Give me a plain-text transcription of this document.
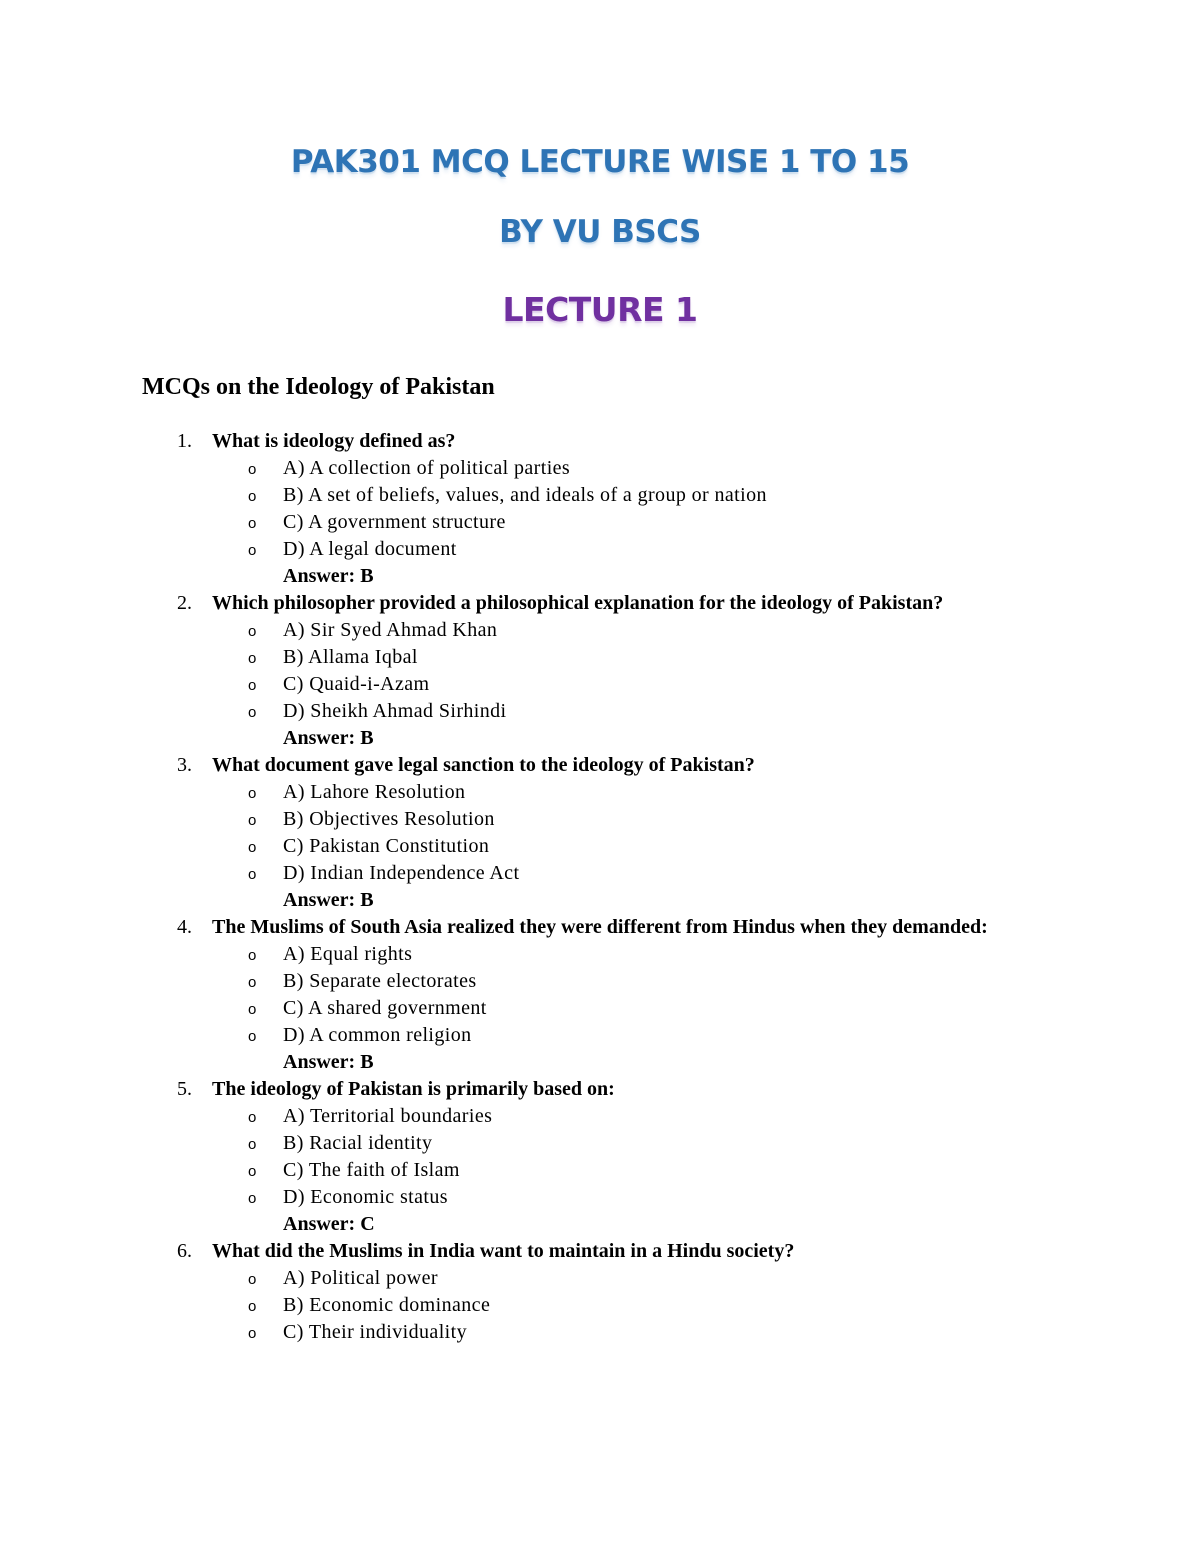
PAK301 MCQ LECTURE WISE 1 TO 15
BY VU BSCS
LECTURE 1
MCQs on the Ideology of Pakistan
1.	What is ideology defined as?
o A) A collection of political parties
o B) A set of beliefs, values, and ideals of a group or nation
o C) A government structure
o D) A legal document
Answer: B
2.	Which philosopher provided a philosophical explanation for the ideology of Pakistan?
o A) Sir Syed Ahmad Khan
o B) Allama Iqbal
o C) Quaid-i-Azam
o D) Sheikh Ahmad Sirhindi
Answer: B
3.	What document gave legal sanction to the ideology of Pakistan?
o A) Lahore Resolution
o B) Objectives Resolution
o C) Pakistan Constitution
o D) Indian Independence Act
Answer: B
4.	The Muslims of South Asia realized they were different from Hindus when they demanded:
o A) Equal rights
o B) Separate electorates
o C) A shared government
o D) A common religion
Answer: B
5.	The ideology of Pakistan is primarily based on:
o A) Territorial boundaries
o B) Racial identity
o C) The faith of Islam
o D) Economic status
Answer: C
6.	What did the Muslims in India want to maintain in a Hindu society?
o A) Political power
o B) Economic dominance
o C) Their individuality
